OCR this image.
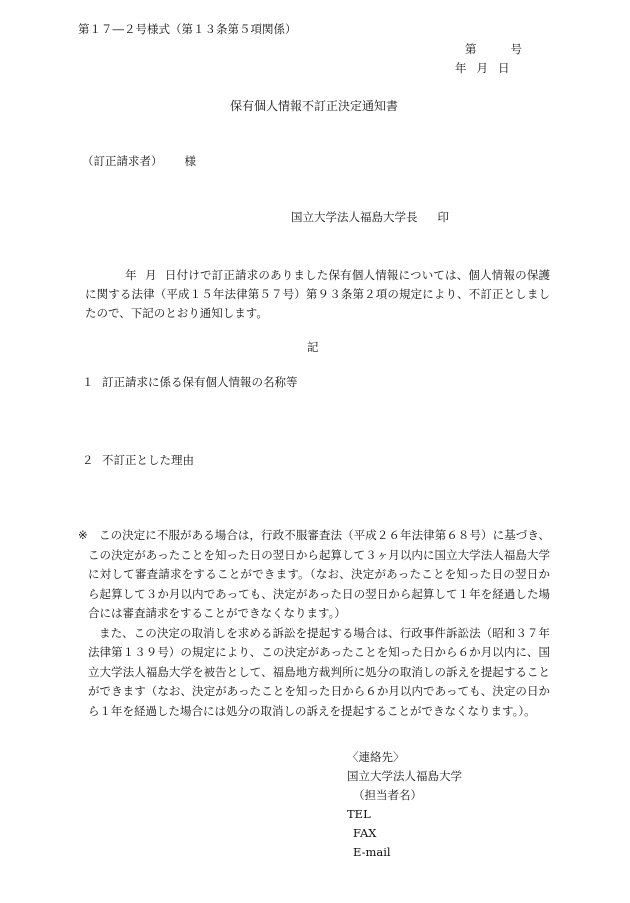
第１７―２号様式（第１３条第５項関係）
第	号
年 月 日
保有個人情報不訂正決定通知書
（訂正請求者） 様
国立大学法人福島大学長 印
年 月 日付けで訂正請求のありました保有個人情報については、個人情報の保護に関する法律（平成１５年法律第５７号）第９３条第２項の規定により、不訂正としましたので、下記のとおり通知します。
記
１ 訂正請求に係る保有個人情報の名称等
２ 不訂正とした理由
※ この決定に不服がある場合は，行政不服審査法（平成２６年法律第６８号）に基づき、この決定があったことを知った日の翌日から起算して３ヶ月以内に国立大学法人福島大学に対して審査請求をすることができます。（なお、決定があったことを知った日の翌日から起算して３か月以内であっても、決定があった日の翌日から起算して１年を経過した場合には審査請求をすることができなくなります。）

また、この決定の取消しを求める訴訟を提起する場合は、行政事件訴訟法（昭和３７年法律第１３９号）の規定により、この決定があったことを知った日から６か月以内に、国立大学法人福島大学を被告として、福島地方裁判所に処分の取消しの訴えを提起することができます（なお、決定があったことを知った日から６か月以内であっても、決定の日から１年を経過した場合には処分の取消しの訴えを提起することができなくなります。）。

〈連絡先〉
国立大学法人福島大学
（担当者名）
TEL
FAX
E-mail
